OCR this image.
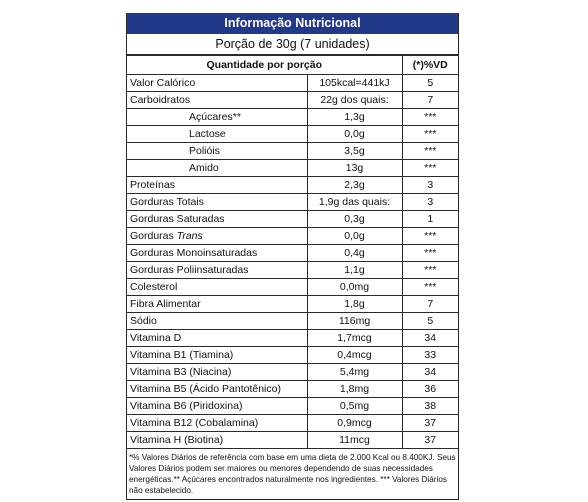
Informação Nutricional
Porção de 30g (7 unidades)
Quantidade por porção		(*)%VD
Valor Calórico	105kcal=441kJ	5
Carboidratos	22g dos quais:	7
Açúcares**	1,3g	***
Lactose	0,0g	***
Polióis	3,5g	***
Amido	13g	***
Proteínas	2,3g	3
Gorduras Totais	1,9g das quais:	3
Gorduras Saturadas	0,3g	1
Gorduras Trans	0,0g	***
Gorduras Monoinsaturadas	0,4g	***
Gorduras Poliinsaturadas	1,1g	***
Colesterol	0,0mg	***
Fibra Alimentar	1,8g	7
Sódio	116mg	5
Vitamina D	1,7mcg	34
Vitamina B1 (Tiamina)	0,4mcg	33
Vitamina B3 (Niacina)	5,4mg	34
Vitamina B5 (Ácido Pantotênico)	1,8mg	36
Vitamina B6 (Piridoxina)	0,5mg	38
Vitamina B12 (Cobalamina)	0,9mcg	37
Vitamina H (Biotina)	11mcg	37
*% Valores Diários de referência com base em uma dieta de 2.000 Kcal ou 8.400KJ. Seus Valores Diários podem ser maiores ou menores dependendo de suas necessidades energéticas.** Açúcares encontrados naturalmente nos ingredientes. *** Valores Diários não estabelecido.
